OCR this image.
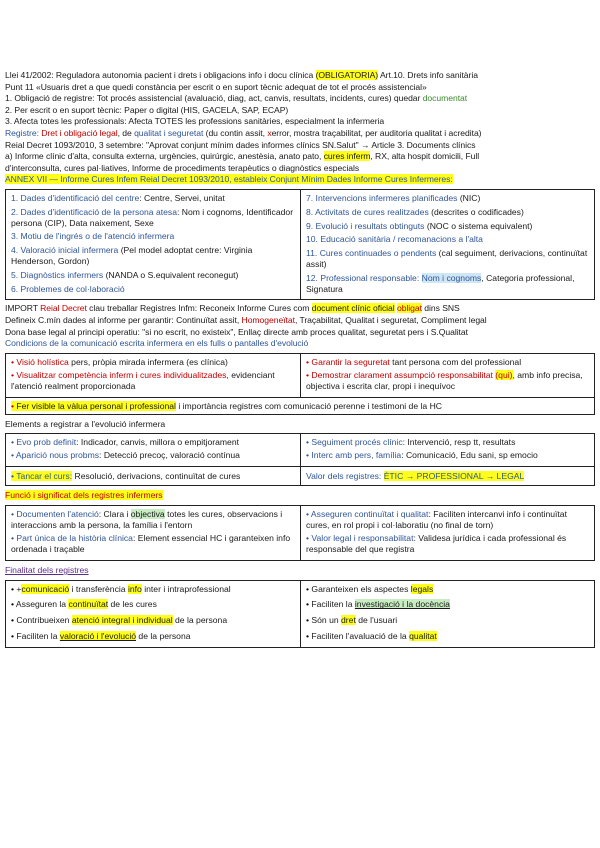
Llei 41/2002: Reguladora autonomia pacient i drets i obligacions info i docu clínica (OBLIGATORIA) Art.10. Drets info sanitària
Punt 11 «Usuaris dret a que quedi constància per escrit o en suport tècnic adequat de tot el procés assistencial»
1. Obligació de registre: Tot procés assistencial (avaluació, diag, act, canvis, resultats, incidents, cures) quedar documentat
2. Per escrit o en suport tècnic: Paper o digital (HIS, GACELA, SAP, ECAP)
3. Afecta totes les professionals: Afecta TOTES les professions sanitàries, especialment la infermeria
Registre: Dret i obligació legal, de qualitat i seguretat (du contin assit, xerror, mostra traçabilitat, per auditoria qualitat i acredita)
Reial Decret 1093/2010, 3 setembre: "Aprovat conjunt mínim dades informes clínics SN.Salut" → Article 3. Documents clínics
a) Informe clínic d'alta, consulta externa, urgències, quirúrgic, anestèsia, anato pato, cures inferm, RX, alta hospit domicili, Full
d'interconsulta, cures pal·liatives, Informe de procediments terapèutics o diagnòstics especials
ANNEX VII — Informe Cures Infem Reial Decret 1093/2010, estableix Conjunt Mínim Dades Informe Cures Infermeres:
1. Dades d'identificació del centre: Centre, Servei, unitat
2. Dades d'identificació de la persona atesa: Nom i cognoms, Identificador persona (CIP), Data naixement, Sexe
3. Motiu de l'ingrés o de l'atenció infermera
4. Valoració inicial infermera (Pel model adoptat centre: Virginia Henderson, Gordon)
5. Diagnòstics infermers (NANDA o S.equivalent reconegut)
6. Problemes de col·laboració
7. Intervencions infermeres planificades (NIC)
8. Activitats de cures realitzades (descrites o codificades)
9. Evolució i resultats obtinguts (NOC o sistema equivalent)
10. Educació sanitària / recomanacions a l'alta
11. Cures continuades o pendents (cal seguiment, derivacions, continuïtat assit)
12. Professional responsable: Nom i cognoms, Categoria professional, Signatura
IMPORT Reial Decret clau treballar Registres Infm: Reconeix Informe Cures com document clínic oficial obligat dins SNS
Defineix C.mín dades al informe per garantir: Continuïtat assit, Homogeneïtat, Traçabilitat, Qualitat i seguretat, Compliment legal
Dona base legal al principi operatiu: "si no escrit, no existeix", Enllaç directe amb proces qualitat, seguretat pers i S.Qualitat
Condicions de la comunicació escrita infermera en els fulls o pantalles d'evolució
• Visió holística pers, pròpia mirada infermera (es clínica)
• Visualitzar competència inferm i cures individualitzades, evidenciant l'atenció realment proporcionada
• Garantir la seguretat tant persona com del professional
• Demostrar clarament assumpció responsabilitat (qui), amb info precisa, objectiva i escrita clar, propi i inequívoc
• Fer visible la vàlua personal i professional i importància registres com comunicació perenne i testimoni de la HC
Elements a registrar a l'evolució infermera
• Evo prob definit: Indicador, canvis, millora o empitjorament
• Aparició nous probms: Detecció precoç, valoració contínua
• Seguiment procés clínic: Intervenció, resp tt, resultats
• Interc amb pers, família: Comunicació, Edu sani, sp emocio
• Tancar el curs: Resolució, derivacions, continuïtat de cures	Valor dels registres: ÈTIC → PROFESSIONAL → LEGAL
Funció i significat dels registres infermers
• Documenten l'atenció: Clara i objectiva totes les cures, observacions i interaccions amb la persona, la família i l'entorn
• Part única de la història clínica: Element essencial HC i garanteixen info ordenada i traçable
• Asseguren continuïtat i qualitat: Faciliten intercanvi info i continuïtat cures, en rol propi i col·laboratiu (no final de torn)
• Valor legal i responsabilitat: Validesa jurídica i cada professional és responsable del que registra
Finalitat dels registres
• +comunicació i transferència info inter i intraprofessional
• Asseguren la continuïtat de les cures
• Contribueixen atenció integral i individual de la persona
• Faciliten la valoració i l'evolució de la persona
• Garanteixen els aspectes legals
• Faciliten la investigació i la docència
• Són un dret de l'usuari
• Faciliten l'avaluació de la qualitat
